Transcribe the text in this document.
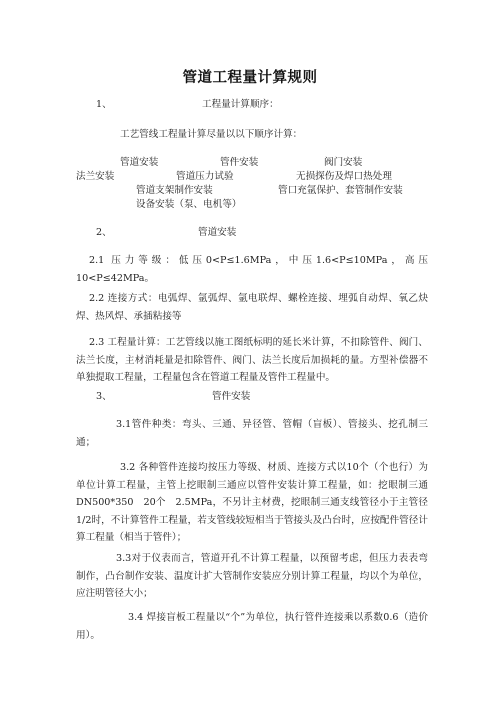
管道工程量计算规则
1、	工程量计算顺序：
工艺管线工程量计算尽量以以下顺序计算：
管道安装	管件安装	阀门安装
法兰安装	管道压力试验	无损探伤及焊口热处理
管道支架制作安装	管口充氩保护、套管制作安装
设备安装（泵、电机等）
2、	管道安装
2.1 压力等级：低压0<P≤1.6MPa，中压1.6<P≤10MPa，高压10<P≤42MPa。
2.2 连接方式：电弧焊、氩弧焊、氩电联焊、螺栓连接、埋弧自动焊、氧乙炔焊、热风焊、承插粘接等
2.3 工程量计算：工艺管线以施工图纸标明的延长米计算，不扣除管件、阀门、法兰长度，主材消耗量是扣除管件、阀门、法兰长度后加损耗的量。方型补偿器不单独提取工程量，工程量包含在管道工程量及管件工程量中。
3、	管件安装
3.1管件种类：弯头、三通、异径管、管帽（盲板）、管接头、挖孔制三通；
3.2 各种管件连接均按压力等级、材质、连接方式以10个（个也行）为单位计算工程量，主管上挖眼制三通应以管件安装计算工程量，如：挖眼制三通DN500*350　20个　2.5MPa，不另计主材费，挖眼制三通支线管径小于主管径1/2时，不计算管件工程量，若支管线较短相当于管接头及凸台时，应按配件管径计算工程量（相当于管件）；
3.3对于仪表而言，管道开孔不计算工程量，以预留考虑，但压力表表弯制作，凸台制作安装、温度计扩大管制作安装应分别计算工程量，均以个为单位，应注明管径大小；
3.4 焊接盲板工程量以“个”为单位，执行管件连接乘以系数0.6（造价用）。
